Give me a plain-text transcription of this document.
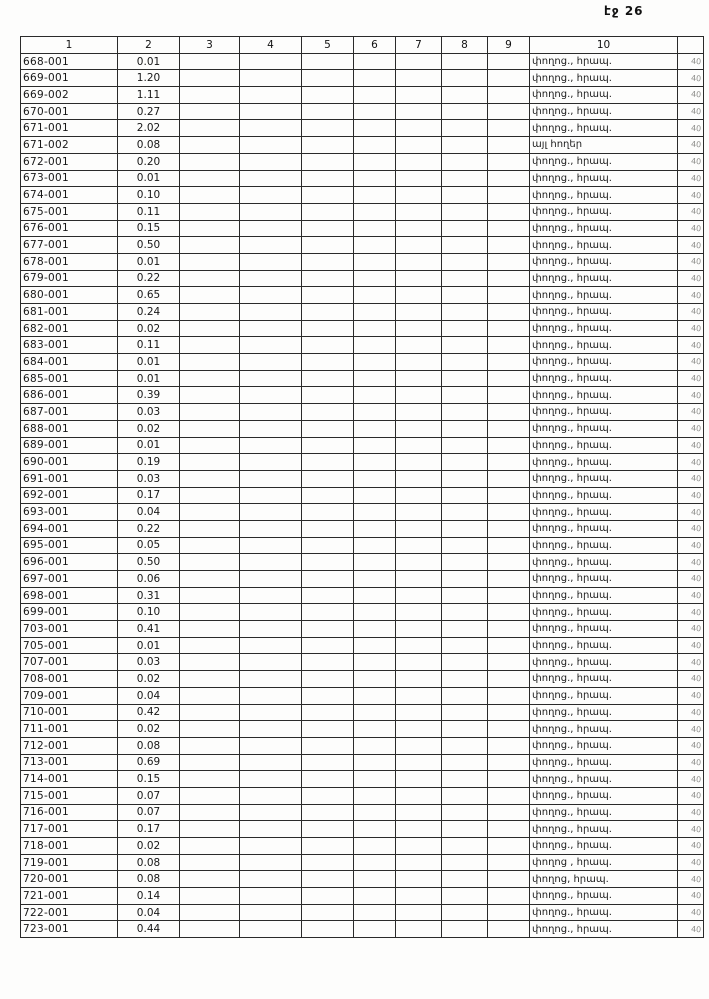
էջ 26
1	2	3	4	5	6	7	8	9	10	
668-001	0.01								փողոց., հրապ.	40
669-001	1.20								փողոց., հրապ.	40
669-002	1.11								փողոց., հրապ.	40
670-001	0.27								փողոց., հրապ.	40
671-001	2.02								փողոց., հրապ.	40
671-002	0.08								այլ հողեր	40
672-001	0.20								փողոց., հրապ.	40
673-001	0.01								փողոց., հրապ.	40
674-001	0.10								փողոց., հրապ.	40
675-001	0.11								փողոց., հրապ.	40
676-001	0.15								փողոց., հրապ.	40
677-001	0.50								փողոց., հրապ.	40
678-001	0.01								փողոց., հրապ.	40
679-001	0.22								փողոց., հրապ.	40
680-001	0.65								փողոց., հրապ.	40
681-001	0.24								փողոց., հրապ.	40
682-001	0.02								փողոց., հրապ.	40
683-001	0.11								փողոց., հրապ.	40
684-001	0.01								փողոց., հրապ.	40
685-001	0.01								փողոց., հրապ.	40
686-001	0.39								փողոց., հրապ.	40
687-001	0.03								փողոց., հրապ.	40
688-001	0.02								փողոց., հրապ.	40
689-001	0.01								փողոց., հրապ.	40
690-001	0.19								փողոց., հրապ.	40
691-001	0.03								փողոց., հրապ.	40
692-001	0.17								փողոց., հրապ.	40
693-001	0.04								փողոց., հրապ.	40
694-001	0.22								փողոց., հրապ.	40
695-001	0.05								փողոց., հրապ.	40
696-001	0.50								փողոց., հրապ.	40
697-001	0.06								փողոց., հրապ.	40
698-001	0.31								փողոց., հրապ.	40
699-001	0.10								փողոց., հրապ.	40
703-001	0.41								փողոց., հրապ.	40
705-001	0.01								փողոց., հրապ.	40
707-001	0.03								փողոց., հրապ.	40
708-001	0.02								փողոց., հրապ.	40
709-001	0.04								փողոց., հրապ.	40
710-001	0.42								փողոց., հրապ.	40
711-001	0.02								փողոց., հրապ.	40
712-001	0.08								փողոց., հրապ.	40
713-001	0.69								փողոց., հրապ.	40
714-001	0.15								փողոց., հրապ.	40
715-001	0.07								փողոց., հրապ.	40
716-001	0.07								փողոց., հրապ.	40
717-001	0.17								փողոց., հրապ.	40
718-001	0.02								փողոց., հրապ.	40
719-001	0.08								փողոց , հրապ.	40
720-001	0.08								փողոց, հրապ.	40
721-001	0.14								փողոց., հրապ.	40
722-001	0.04								փողոց., հրապ.	40
723-001	0.44								փողոց., հրապ.	40
